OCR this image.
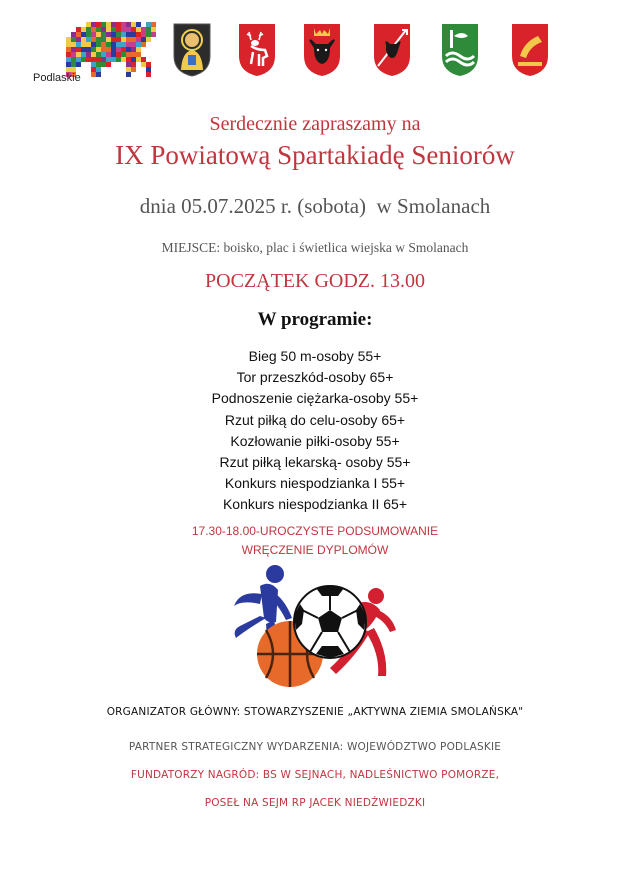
Podlaskie
Serdecznie zapraszamy na
IX Powiatową Spartakiadę Seniorów
dnia 05.07.2025 r. (sobota)  w Smolanach
MIEJSCE: boisko, plac i świetlica wiejska w Smolanach
POCZĄTEK GODZ. 13.00
W programie:
Bieg 50 m-osoby 55+
Tor przeszkód-osoby 65+
Podnoszenie ciężarka-osoby 55+
Rzut piłką do celu-osoby 65+
Kozłowanie piłki-osoby 55+
Rzut piłką lekarską- osoby 55+
Konkurs niespodzianka I 55+
Konkurs niespodzianka II 65+
17.30-18.00-UROCZYSTE PODSUMOWANIE
WRĘCZENIE DYPLOMÓW
ORGANIZATOR GŁÓWNY: STOWARZYSZENIE „AKTYWNA ZIEMIA SMOLAŃSKA"
PARTNER STRATEGICZNY WYDARZENIA: WOJEWÓDZTWO PODLASKIE
FUNDATORZY NAGRÓD: BS W SEJNACH, NADLEŚNICTWO POMORZE,
POSEŁ NA SEJM RP JACEK NIEDŹWIEDZKI
